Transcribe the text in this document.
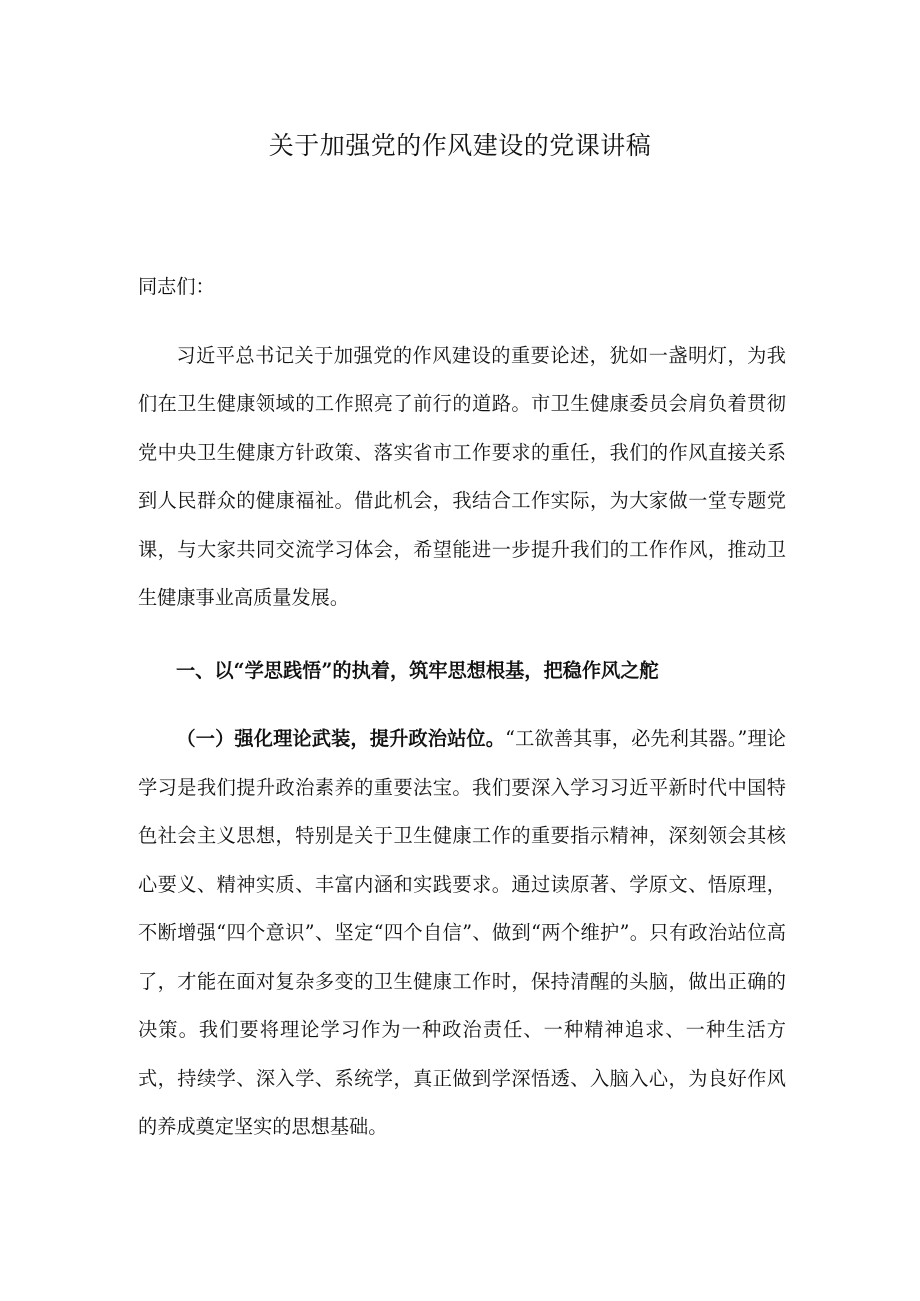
关于加强党的作风建设的党课讲稿

同志们：

习近平总书记关于加强党的作风建设的重要论述，犹如一盏明灯，为我们在卫生健康领域的工作照亮了前行的道路。市卫生健康委员会肩负着贯彻党中央卫生健康方针政策、落实省市工作要求的重任，我们的作风直接关系到人民群众的健康福祉。借此机会，我结合工作实际，为大家做一堂专题党课，与大家共同交流学习体会，希望能进一步提升我们的工作作风，推动卫生健康事业高质量发展。

一、以“学思践悟”的执着，筑牢思想根基，把稳作风之舵

（一）强化理论武装，提升政治站位。“工欲善其事，必先利其器。”理论学习是我们提升政治素养的重要法宝。我们要深入学习习近平新时代中国特色社会主义思想，特别是关于卫生健康工作的重要指示精神，深刻领会其核心要义、精神实质、丰富内涵和实践要求。通过读原著、学原文、悟原理，不断增强“四个意识”、坚定“四个自信”、做到“两个维护”。只有政治站位高了，才能在面对复杂多变的卫生健康工作时，保持清醒的头脑，做出正确的决策。我们要将理论学习作为一种政治责任、一种精神追求、一种生活方式，持续学、深入学、系统学，真正做到学深悟透、入脑入心，为良好作风的养成奠定坚实的思想基础。
